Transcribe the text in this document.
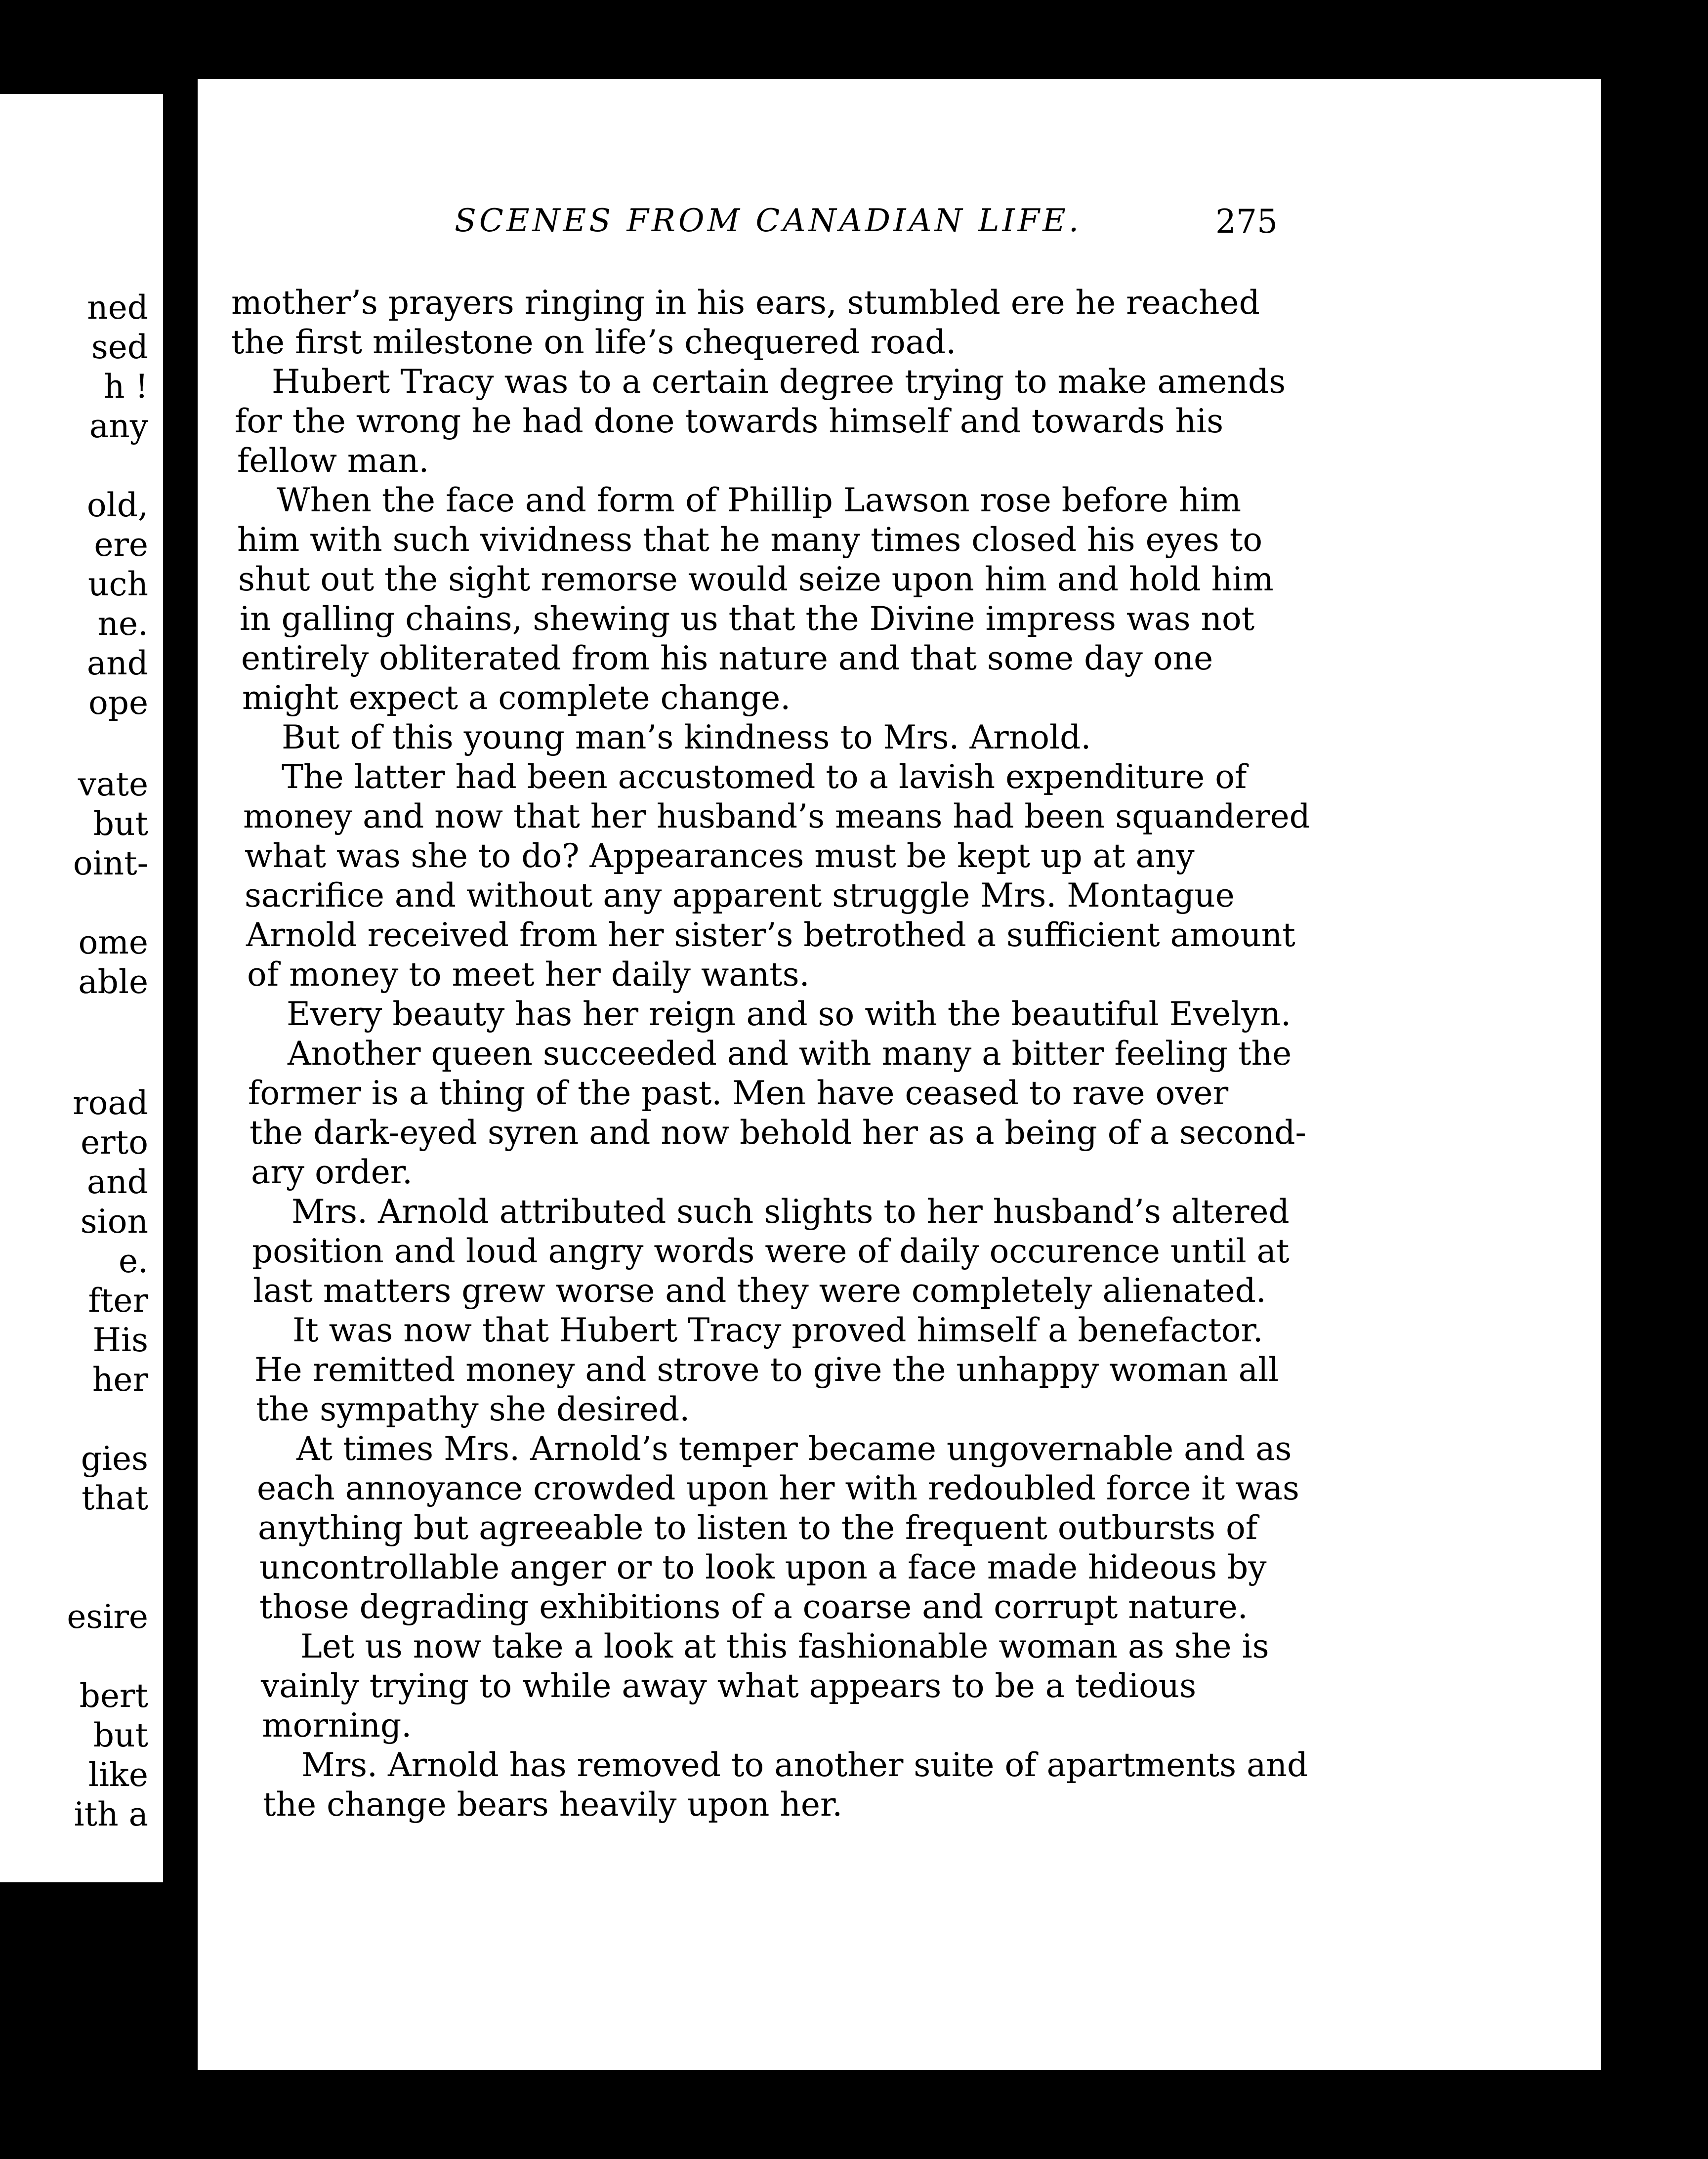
ned
sed
h !
any
old,
ere
uch
ne.
and
ope
vate
but
oint-
ome
able
road
erto
and
sion
e.
fter
His
her
gies
that
esire
bert
but
like
ith a
SCENES FROM CANADIAN LIFE.	275
mother’s prayers ringing in his ears, stumbled ere he reached
the first milestone on life’s chequered road.
Hubert Tracy was to a certain degree trying to make amends
for the wrong he had done towards himself and towards his
fellow man.
When the face and form of Phillip Lawson rose before him
him with such vividness that he many times closed his eyes to
shut out the sight remorse would seize upon him and hold him
in galling chains, shewing us that the Divine impress was not
entirely obliterated from his nature and that some day one
might expect a complete change.
But of this young man’s kindness to Mrs. Arnold.
The latter had been accustomed to a lavish expenditure of
money and now that her husband’s means had been squandered
what was she to do? Appearances must be kept up at any
sacrifice and without any apparent struggle Mrs. Montague
Arnold received from her sister’s betrothed a sufficient amount
of money to meet her daily wants.
Every beauty has her reign and so with the beautiful Evelyn.
Another queen succeeded and with many a bitter feeling the
former is a thing of the past. Men have ceased to rave over
the dark-eyed syren and now behold her as a being of a second-
ary order.
Mrs. Arnold attributed such slights to her husband’s altered
position and loud angry words were of daily occurence until at
last matters grew worse and they were completely alienated.
It was now that Hubert Tracy proved himself a benefactor.
He remitted money and strove to give the unhappy woman all
the sympathy she desired.
At times Mrs. Arnold’s temper became ungovernable and as
each annoyance crowded upon her with redoubled force it was
anything but agreeable to listen to the frequent outbursts of
uncontrollable anger or to look upon a face made hideous by
those degrading exhibitions of a coarse and corrupt nature.
Let us now take a look at this fashionable woman as she is
vainly trying to while away what appears to be a tedious
morning.
Mrs. Arnold has removed to another suite of apartments and
the change bears heavily upon her.
